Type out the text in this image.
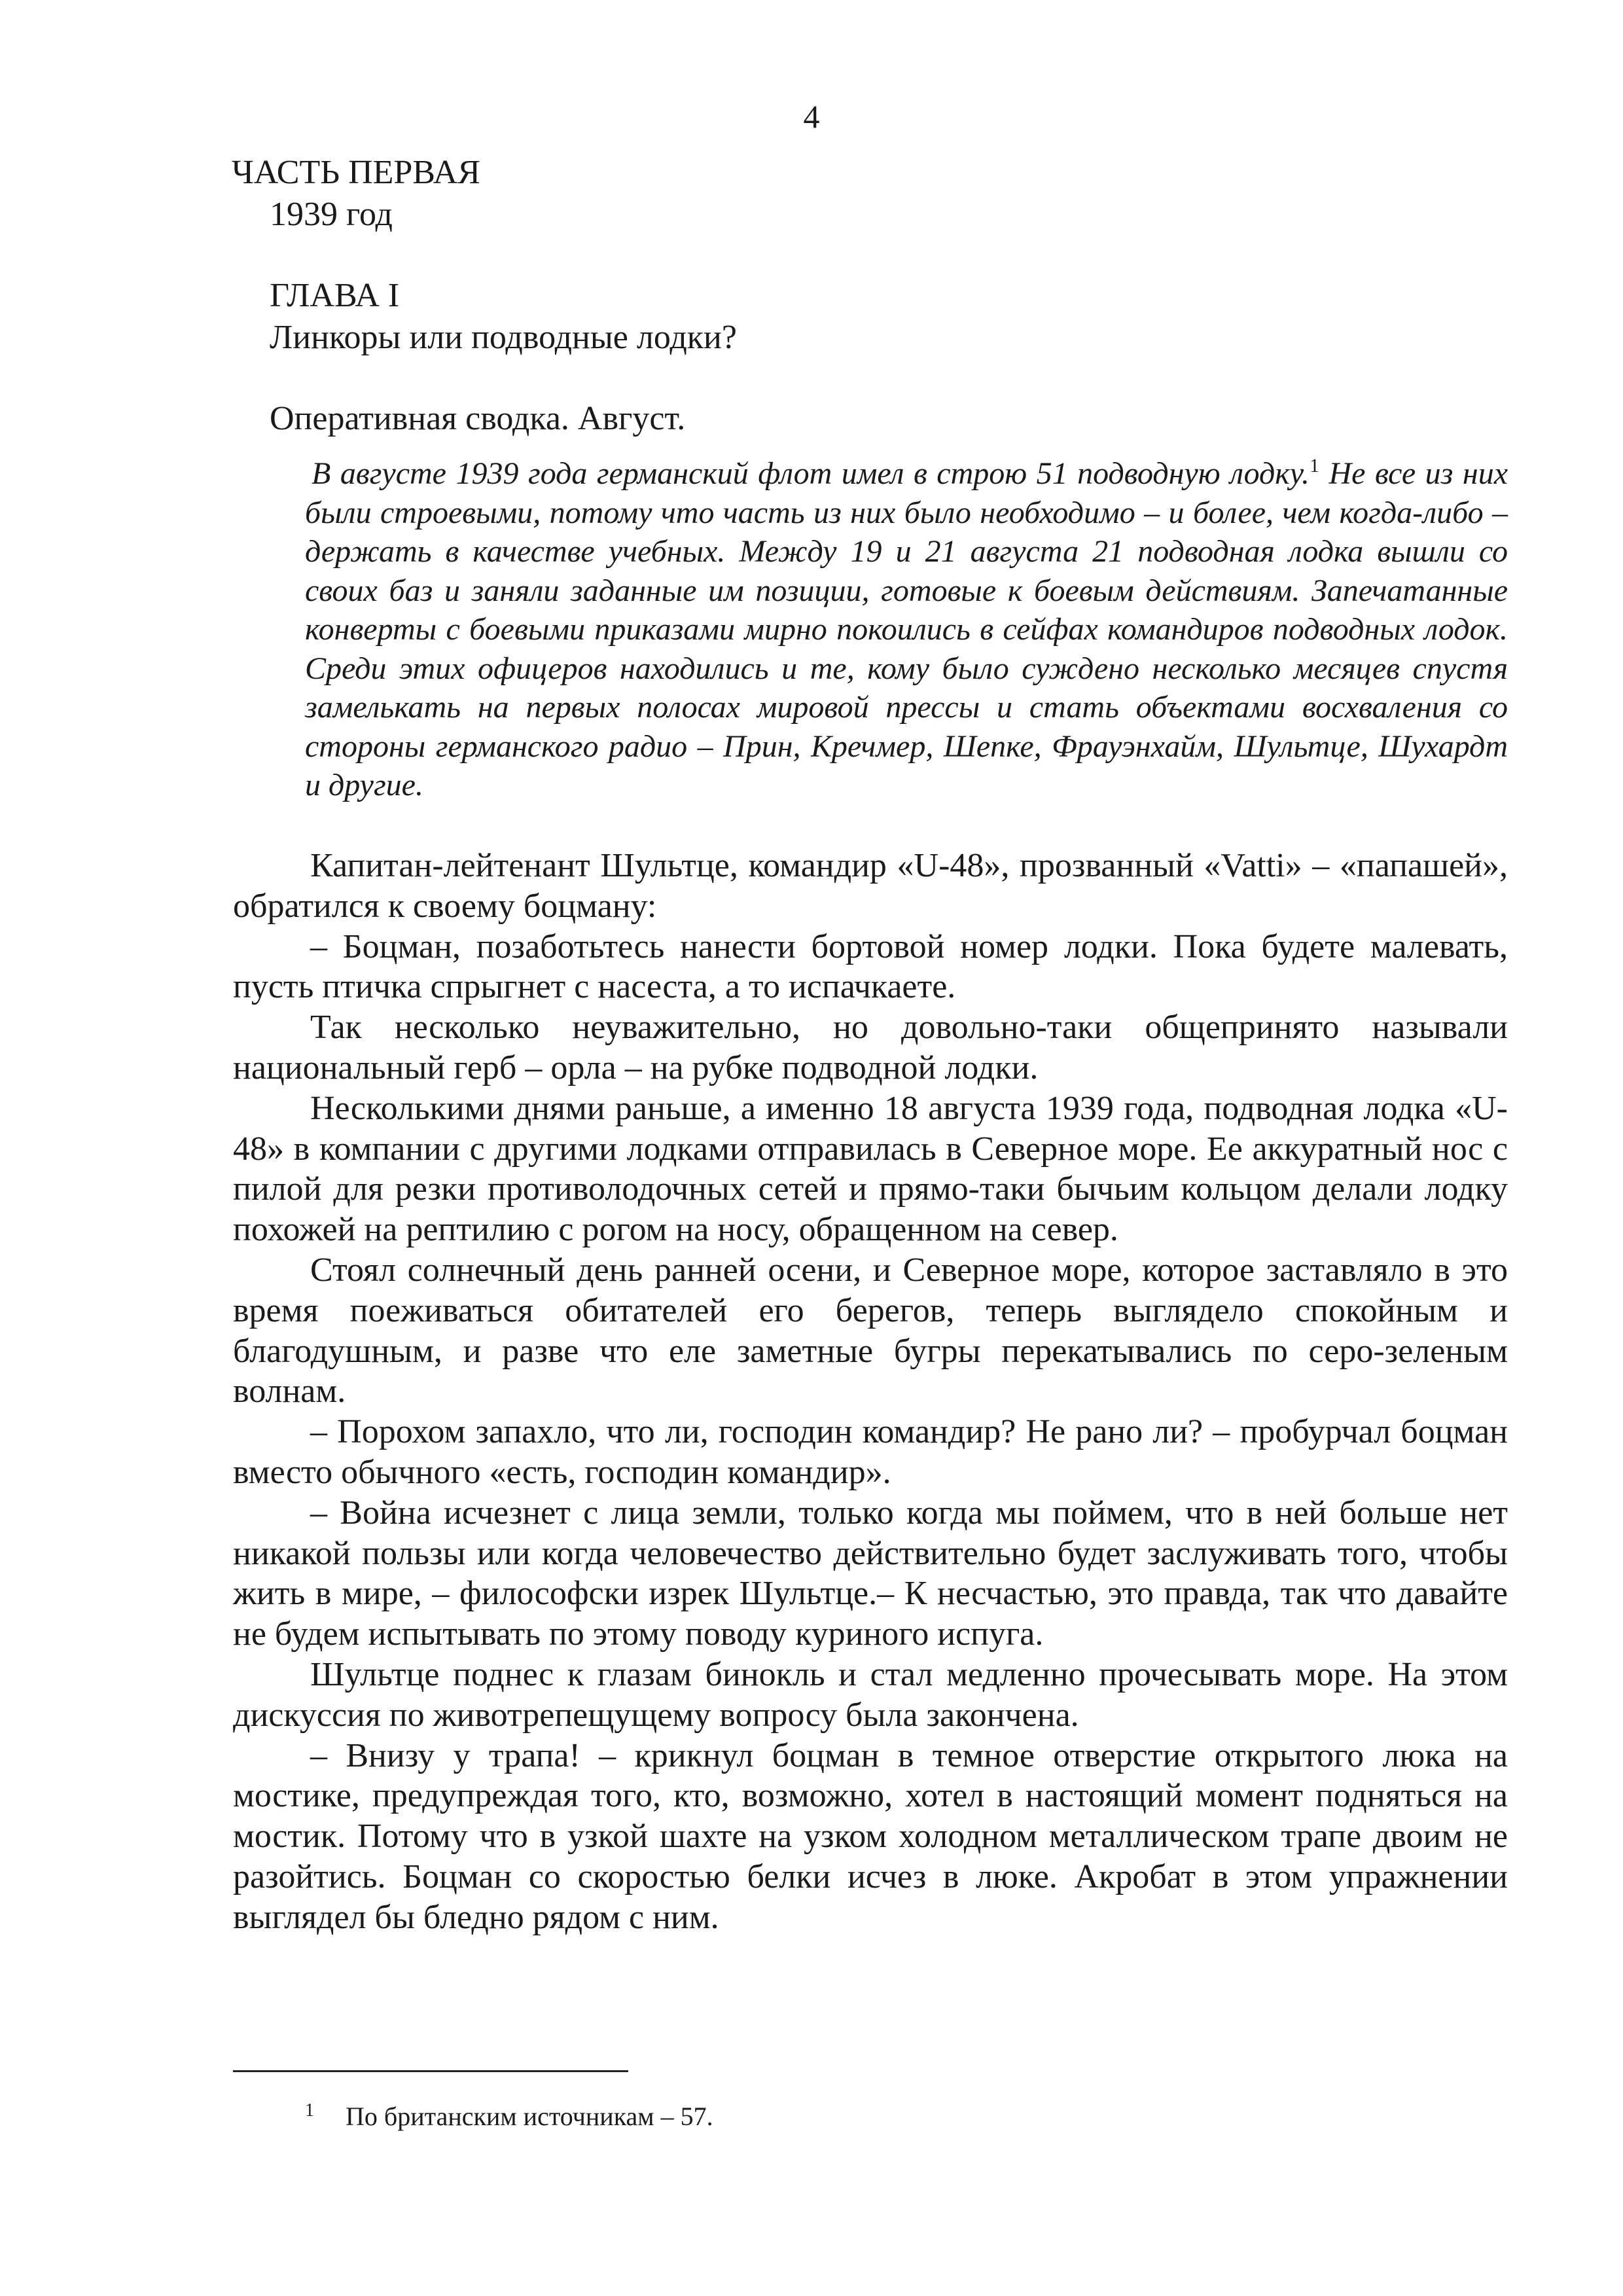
4
ЧАСТЬ ПЕРВАЯ
1939 год
ГЛАВА I
Линкоры или подводные лодки?
Оперативная сводка. Август.

В августе 1939 года германский флот имел в строю 51 подводную лодку.$^1$ Не все из них были строевыми, потому что часть из них было необходимо – и более, чем когда-либо – держать в качестве учебных. Между 19 и 21 августа 21 подводная лодка вышли со своих баз и заняли заданные им позиции, готовые к боевым действиям. Запечатанные конверты с боевыми приказами мирно покоились в сейфах командиров подводных лодок. Среди этих офицеров находились и те, кому было суждено несколько месяцев спустя замелькать на первых полосах мировой прессы и стать объектами восхваления со стороны германского радио – Прин, Кречмер, Шепке, Фрауэнхайм, Шультце, Шухардт и другие.

Капитан-лейтенант Шультце, командир «U-48», прозванный «Vatti» – «папашей», обратился к своему боцману:

– Боцман, позаботьтесь нанести бортовой номер лодки. Пока будете малевать, пусть птичка спрыгнет с насеста, а то испачкаете.

Так несколько неуважительно, но довольно-таки общепринято называли национальный герб – орла – на рубке подводной лодки.

Несколькими днями раньше, а именно 18 августа 1939 года, подводная лодка «U-48» в компании с другими лодками отправилась в Северное море. Ее аккуратный нос с пилой для резки противолодочных сетей и прямо-таки бычьим кольцом делали лодку похожей на рептилию с рогом на носу, обращенном на север.

Стоял солнечный день ранней осени, и Северное море, которое заставляло в это время поеживаться обитателей его берегов, теперь выглядело спокойным и благодушным, и разве что еле заметные бугры перекатывались по серо-зеленым волнам.

– Порохом запахло, что ли, господин командир? Не рано ли? – пробурчал боцман вместо обычного «есть, господин командир».

– Война исчезнет с лица земли, только когда мы поймем, что в ней больше нет никакой пользы или когда человечество действительно будет заслуживать того, чтобы жить в мире, – философски изрек Шультце.– К несчастью, это правда, так что давайте не будем испытывать по этому поводу куриного испуга.

Шультце поднес к глазам бинокль и стал медленно прочесывать море. На этом дискуссия по животрепещущему вопросу была закончена.

– Внизу у трапа! – крикнул боцман в темное отверстие открытого люка на мостике, предупреждая того, кто, возможно, хотел в настоящий момент подняться на мостик. Потому что в узкой шахте на узком холодном металлическом трапе двоим не разойтись. Боцман со скоростью белки исчез в люке. Акробат в этом упражнении выглядел бы бледно рядом с ним.

$^1$ По британским источникам – 57.
